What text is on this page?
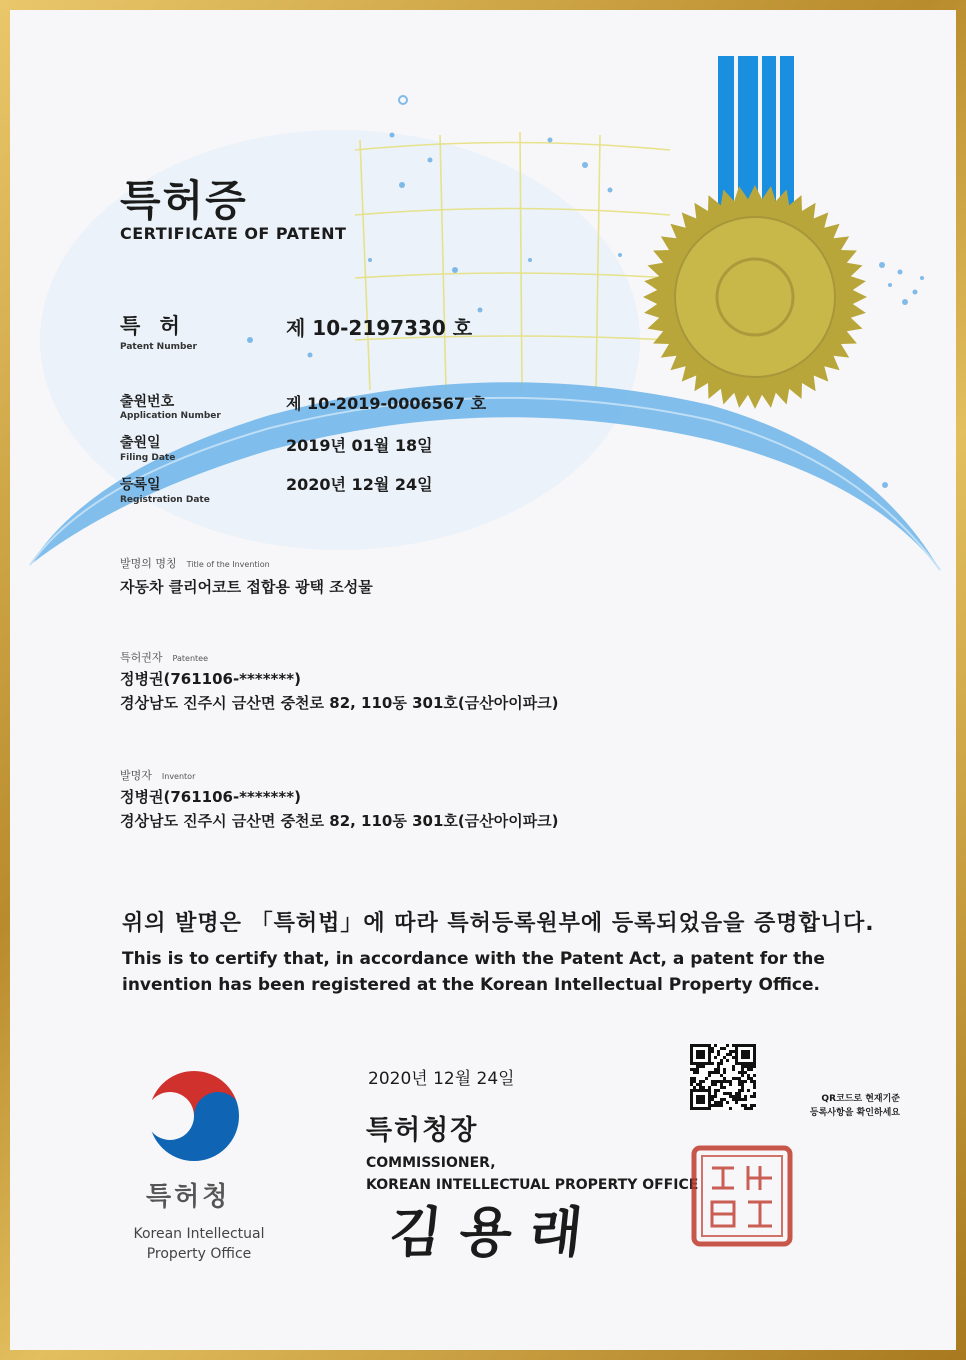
특허증
CERTIFICATE OF PATENT
특 허
Patent Number
제 10-2197330 호
출원번호
Application Number
제 10-2019-0006567 호
출원일
Filing Date
2019년 01월 18일
등록일
Registration Date
2020년 12월 24일
발명의 명칭 Title of the Invention
자동차 클리어코트 접합용 광택 조성물
특허권자 Patentee
정병권(761106-*******)
경상남도 진주시 금산면 중천로 82, 110동 301호(금산아이파크)
발명자 Inventor
정병권(761106-*******)
경상남도 진주시 금산면 중천로 82, 110동 301호(금산아이파크)
위의 발명은 「특허법」에 따라 특허등록원부에 등록되었음을 증명합니다.
This is to certify that, in accordance with the Patent Act, a patent for the invention has been registered at the Korean Intellectual Property Office.
특허청
Korean Intellectual Property Office
2020년 12월 24일
특허청장
COMMISSIONER,
KOREAN INTELLECTUAL PROPERTY OFFICE
김용래
QR코드로 현재기준
등록사항을 확인하세요
